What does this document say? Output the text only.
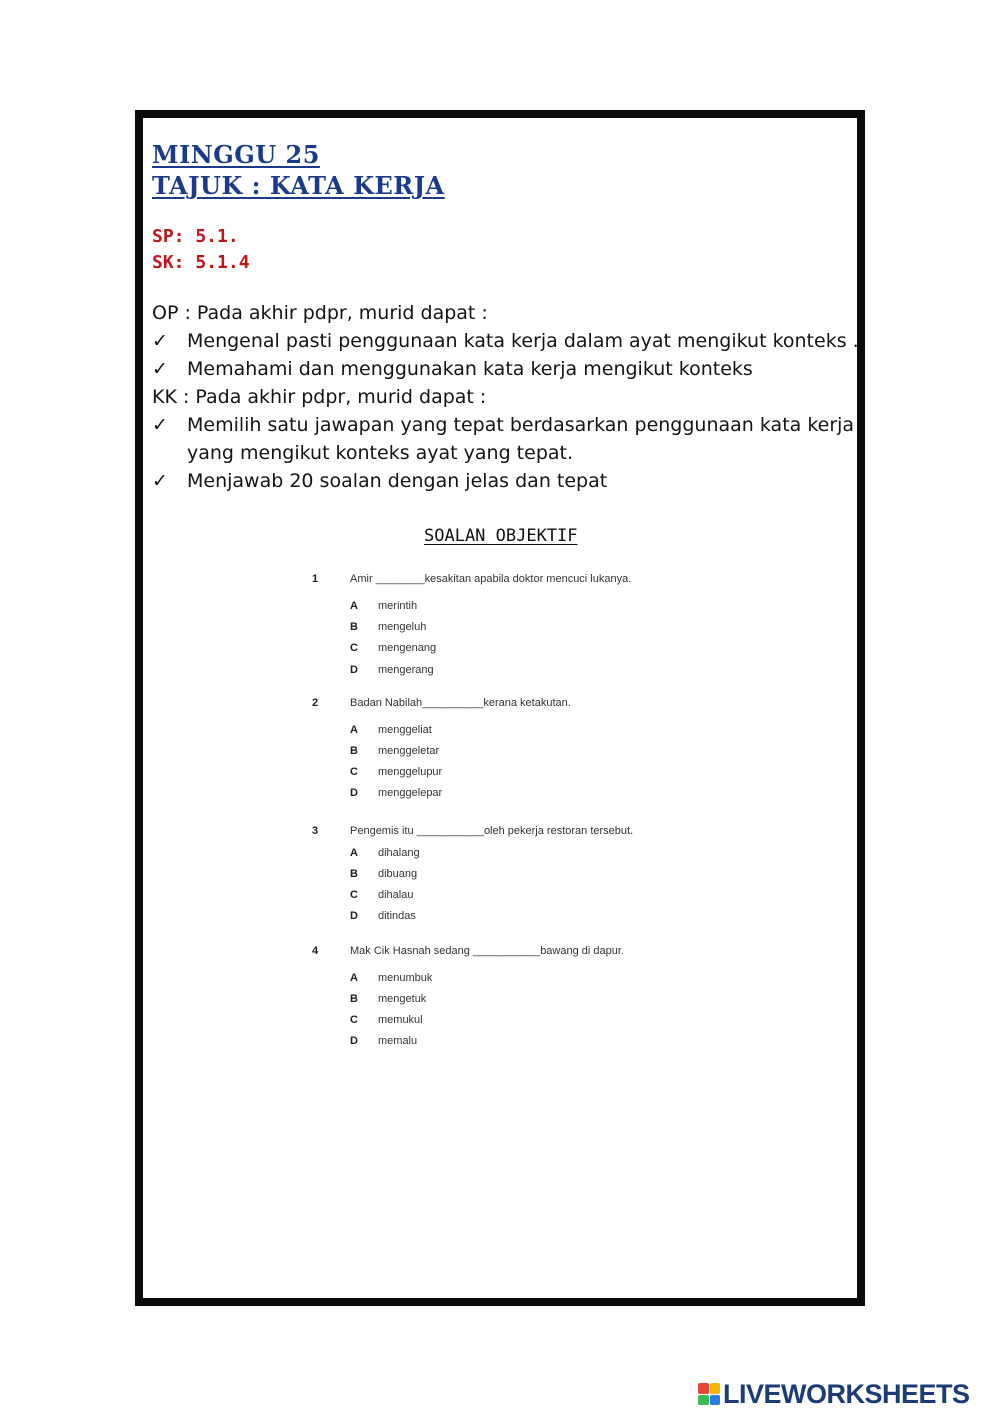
MINGGU 25
TAJUK : KATA KERJA
SP: 5.1.
SK: 5.1.4
OP : Pada akhir pdpr, murid dapat :
✓ Mengenal pasti penggunaan kata kerja dalam ayat mengikut konteks .
✓ Memahami dan menggunakan kata kerja mengikut konteks
KK : Pada akhir pdpr, murid dapat :
✓ Memilih satu jawapan yang tepat berdasarkan penggunaan kata kerja
yang mengikut konteks ayat yang tepat.
✓ Menjawab 20 soalan dengan jelas dan tepat
SOALAN OBJEKTIF
1	Amir ________kesakitan apabila doktor mencuci lukanya.
A merintih
B mengeluh
C mengenang
D mengerang
2	Badan Nabilah__________kerana ketakutan.
A menggeliat
B menggeletar
C menggelupur
D menggelepar
3	Pengemis itu ___________oleh pekerja restoran tersebut.
A dihalang
B dibuang
C dihalau
D ditindas
4	Mak Cik Hasnah sedang ___________bawang di dapur.
A menumbuk
B mengetuk
C memukul
D memalu
LIVEWORKSHEETS
